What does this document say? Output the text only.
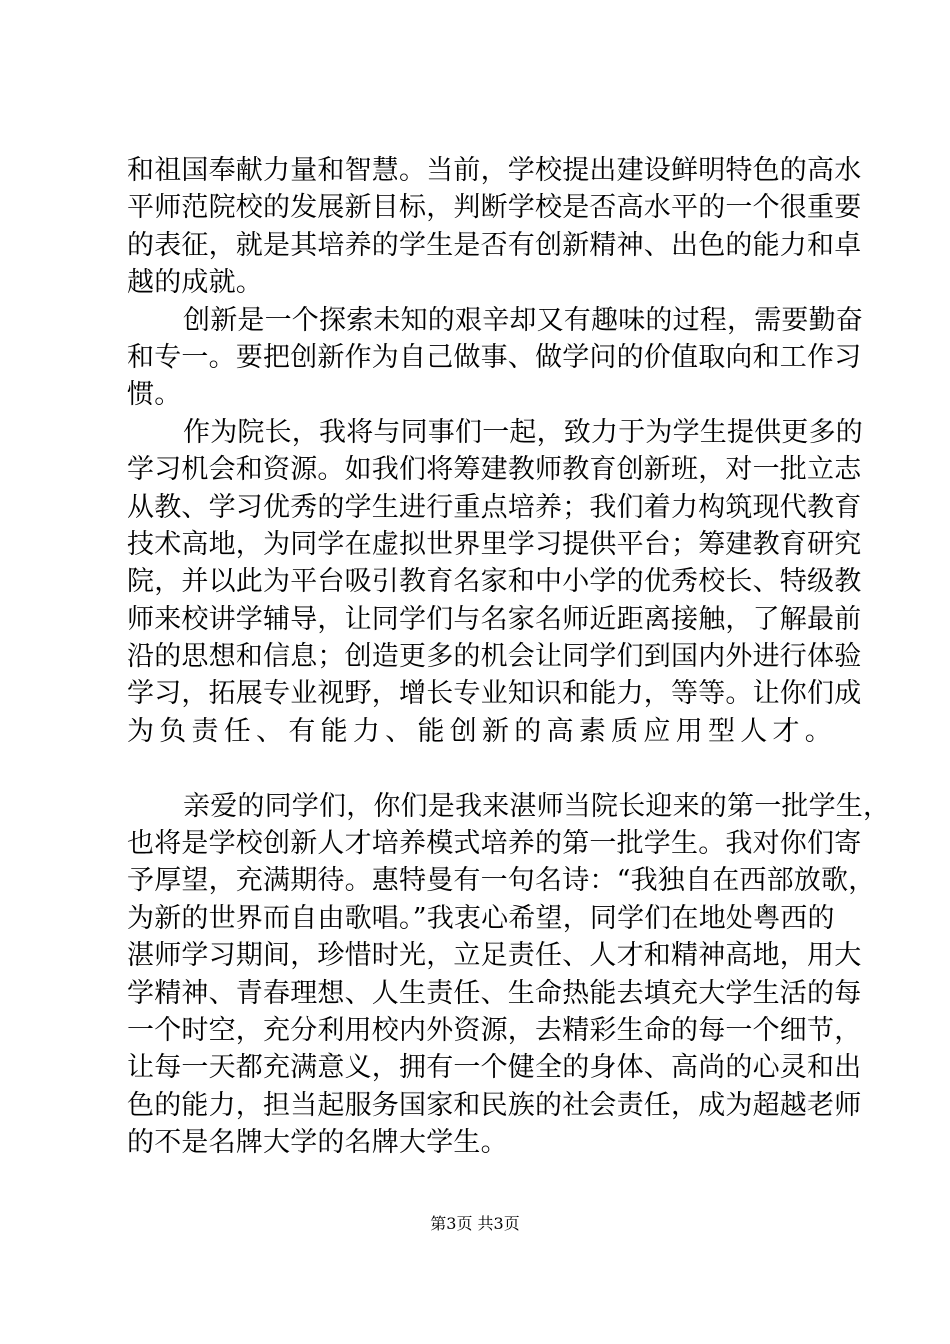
和祖国奉献力量和智慧。当前，学校提出建设鲜明特色的高水
平师范院校的发展新目标，判断学校是否高水平的一个很重要
的表征，就是其培养的学生是否有创新精神、出色的能力和卓
越的成就。
创新是一个探索未知的艰辛却又有趣味的过程，需要勤奋
和专一。要把创新作为自己做事、做学问的价值取向和工作习
惯。
作为院长，我将与同事们一起，致力于为学生提供更多的
学习机会和资源。如我们将筹建教师教育创新班，对一批立志
从教、学习优秀的学生进行重点培养；我们着力构筑现代教育
技术高地，为同学在虚拟世界里学习提供平台；筹建教育研究
院，并以此为平台吸引教育名家和中小学的优秀校长、特级教
师来校讲学辅导，让同学们与名家名师近距离接触，了解最前
沿的思想和信息；创造更多的机会让同学们到国内外进行体验
学习，拓展专业视野，增长专业知识和能力，等等。让你们成
为负责任、有能力、能创新的高素质应用型人才。
亲爱的同学们，你们是我来湛师当院长迎来的第一批学生，
也将是学校创新人才培养模式培养的第一批学生。我对你们寄
予厚望，充满期待。惠特曼有一句名诗：“我独自在西部放歌，
为新的世界而自由歌唱。”我衷心希望，同学们在地处粤西的
湛师学习期间，珍惜时光，立足责任、人才和精神高地，用大
学精神、青春理想、人生责任、生命热能去填充大学生活的每
一个时空，充分利用校内外资源，去精彩生命的每一个细节，
让每一天都充满意义，拥有一个健全的身体、高尚的心灵和出
色的能力，担当起服务国家和民族的社会责任，成为超越老师
的不是名牌大学的名牌大学生。
第3页 共3页
